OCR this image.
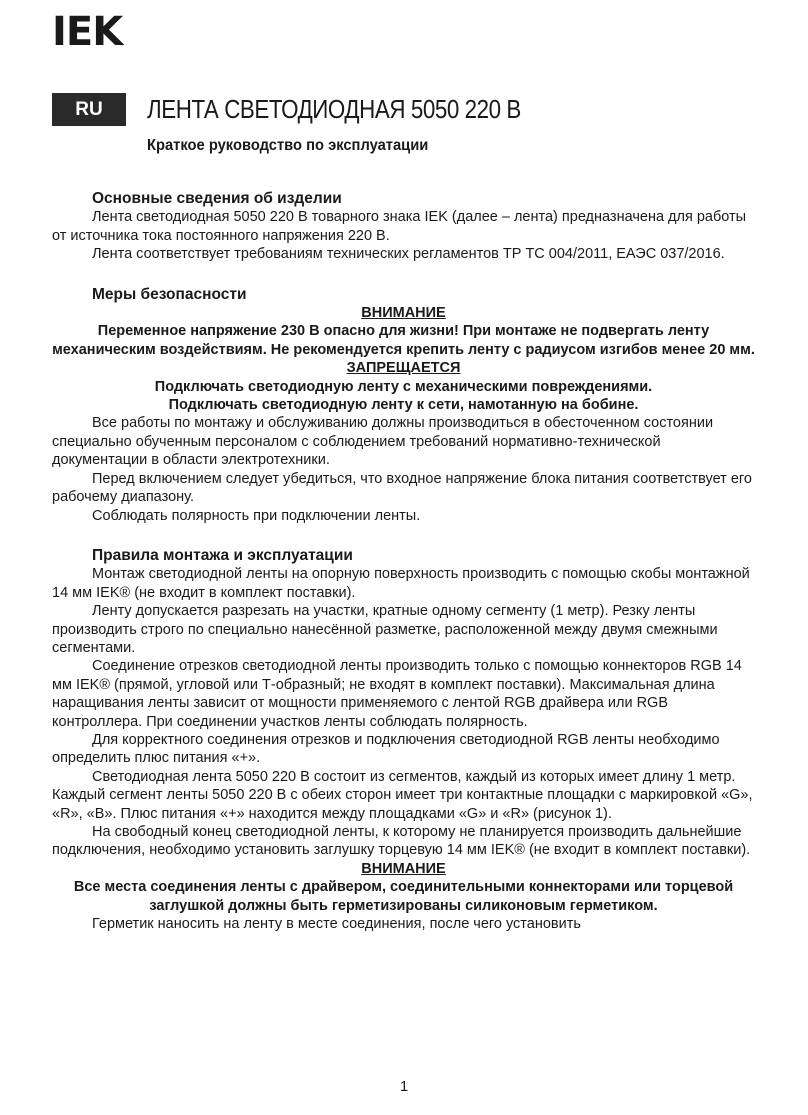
IEK
RU	ЛЕНТА СВЕТОДИОДНАЯ 5050 220 В
Краткое руководство по эксплуатации

Основные сведения об изделии

Лента светодиодная 5050 220 В товарного знака IEK (далее – лента) предназначена для работы от источника тока постоянного напряжения 220 В.

Лента соответствует требованиям технических регламентов ТР ТС 004/2011, ЕАЭС 037/2016.

Меры безопасности

ВНИМАНИЕ

Переменное напряжение 230 В опасно для жизни! При монтаже не подвергать ленту механическим воздействиям. Не рекомендуется крепить ленту с радиусом изгибов менее 20 мм.

ЗАПРЕЩАЕТСЯ

Подключать светодиодную ленту с механическими повреждениями.

Подключать светодиодную ленту к сети, намотанную на бобине.

Все работы по монтажу и обслуживанию должны производиться в обесточенном состоянии специально обученным персоналом с соблюдением требований нормативно-технической документации в области электротехники.

Перед включением следует убедиться, что входное напряжение блока питания соответствует его рабочему диапазону.

Соблюдать полярность при подключении ленты.

Правила монтажа и эксплуатации

Монтаж светодиодной ленты на опорную поверхность производить с помощью скобы монтажной 14 мм IEK® (не входит в комплект поставки).

Ленту допускается разрезать на участки, кратные одному сегменту (1 метр). Резку ленты производить строго по специально нанесённой разметке, расположенной между двумя смежными сегментами.

Соединение отрезков светодиодной ленты производить только с помощью коннекторов RGB 14 мм IEK® (прямой, угловой или Т-образный; не входят в комплект поставки). Максимальная длина наращивания ленты зависит от мощности применяемого с лентой RGB драйвера или RGB контроллера. При соединении участков ленты соблюдать полярность.

Для корректного соединения отрезков и подключения светодиодной RGB ленты необходимо определить плюс питания «+».

Светодиодная лента 5050 220 В состоит из сегментов, каждый из которых имеет длину 1 метр. Каждый сегмент ленты 5050 220 В с обеих сторон имеет три контактные площадки с маркировкой «G», «R», «B». Плюс питания «+» находится между площадками «G» и «R» (рисунок 1).

На свободный конец светодиодной ленты, к которому не планируется производить дальнейшие подключения, необходимо установить заглушку торцевую 14 мм IEK® (не входит в комплект поставки).

ВНИМАНИЕ

Все места соединения ленты с драйвером, соединительными коннекторами или торцевой заглушкой должны быть герметизированы силиконовым герметиком.

Герметик наносить на ленту в месте соединения, после чего установить

1
